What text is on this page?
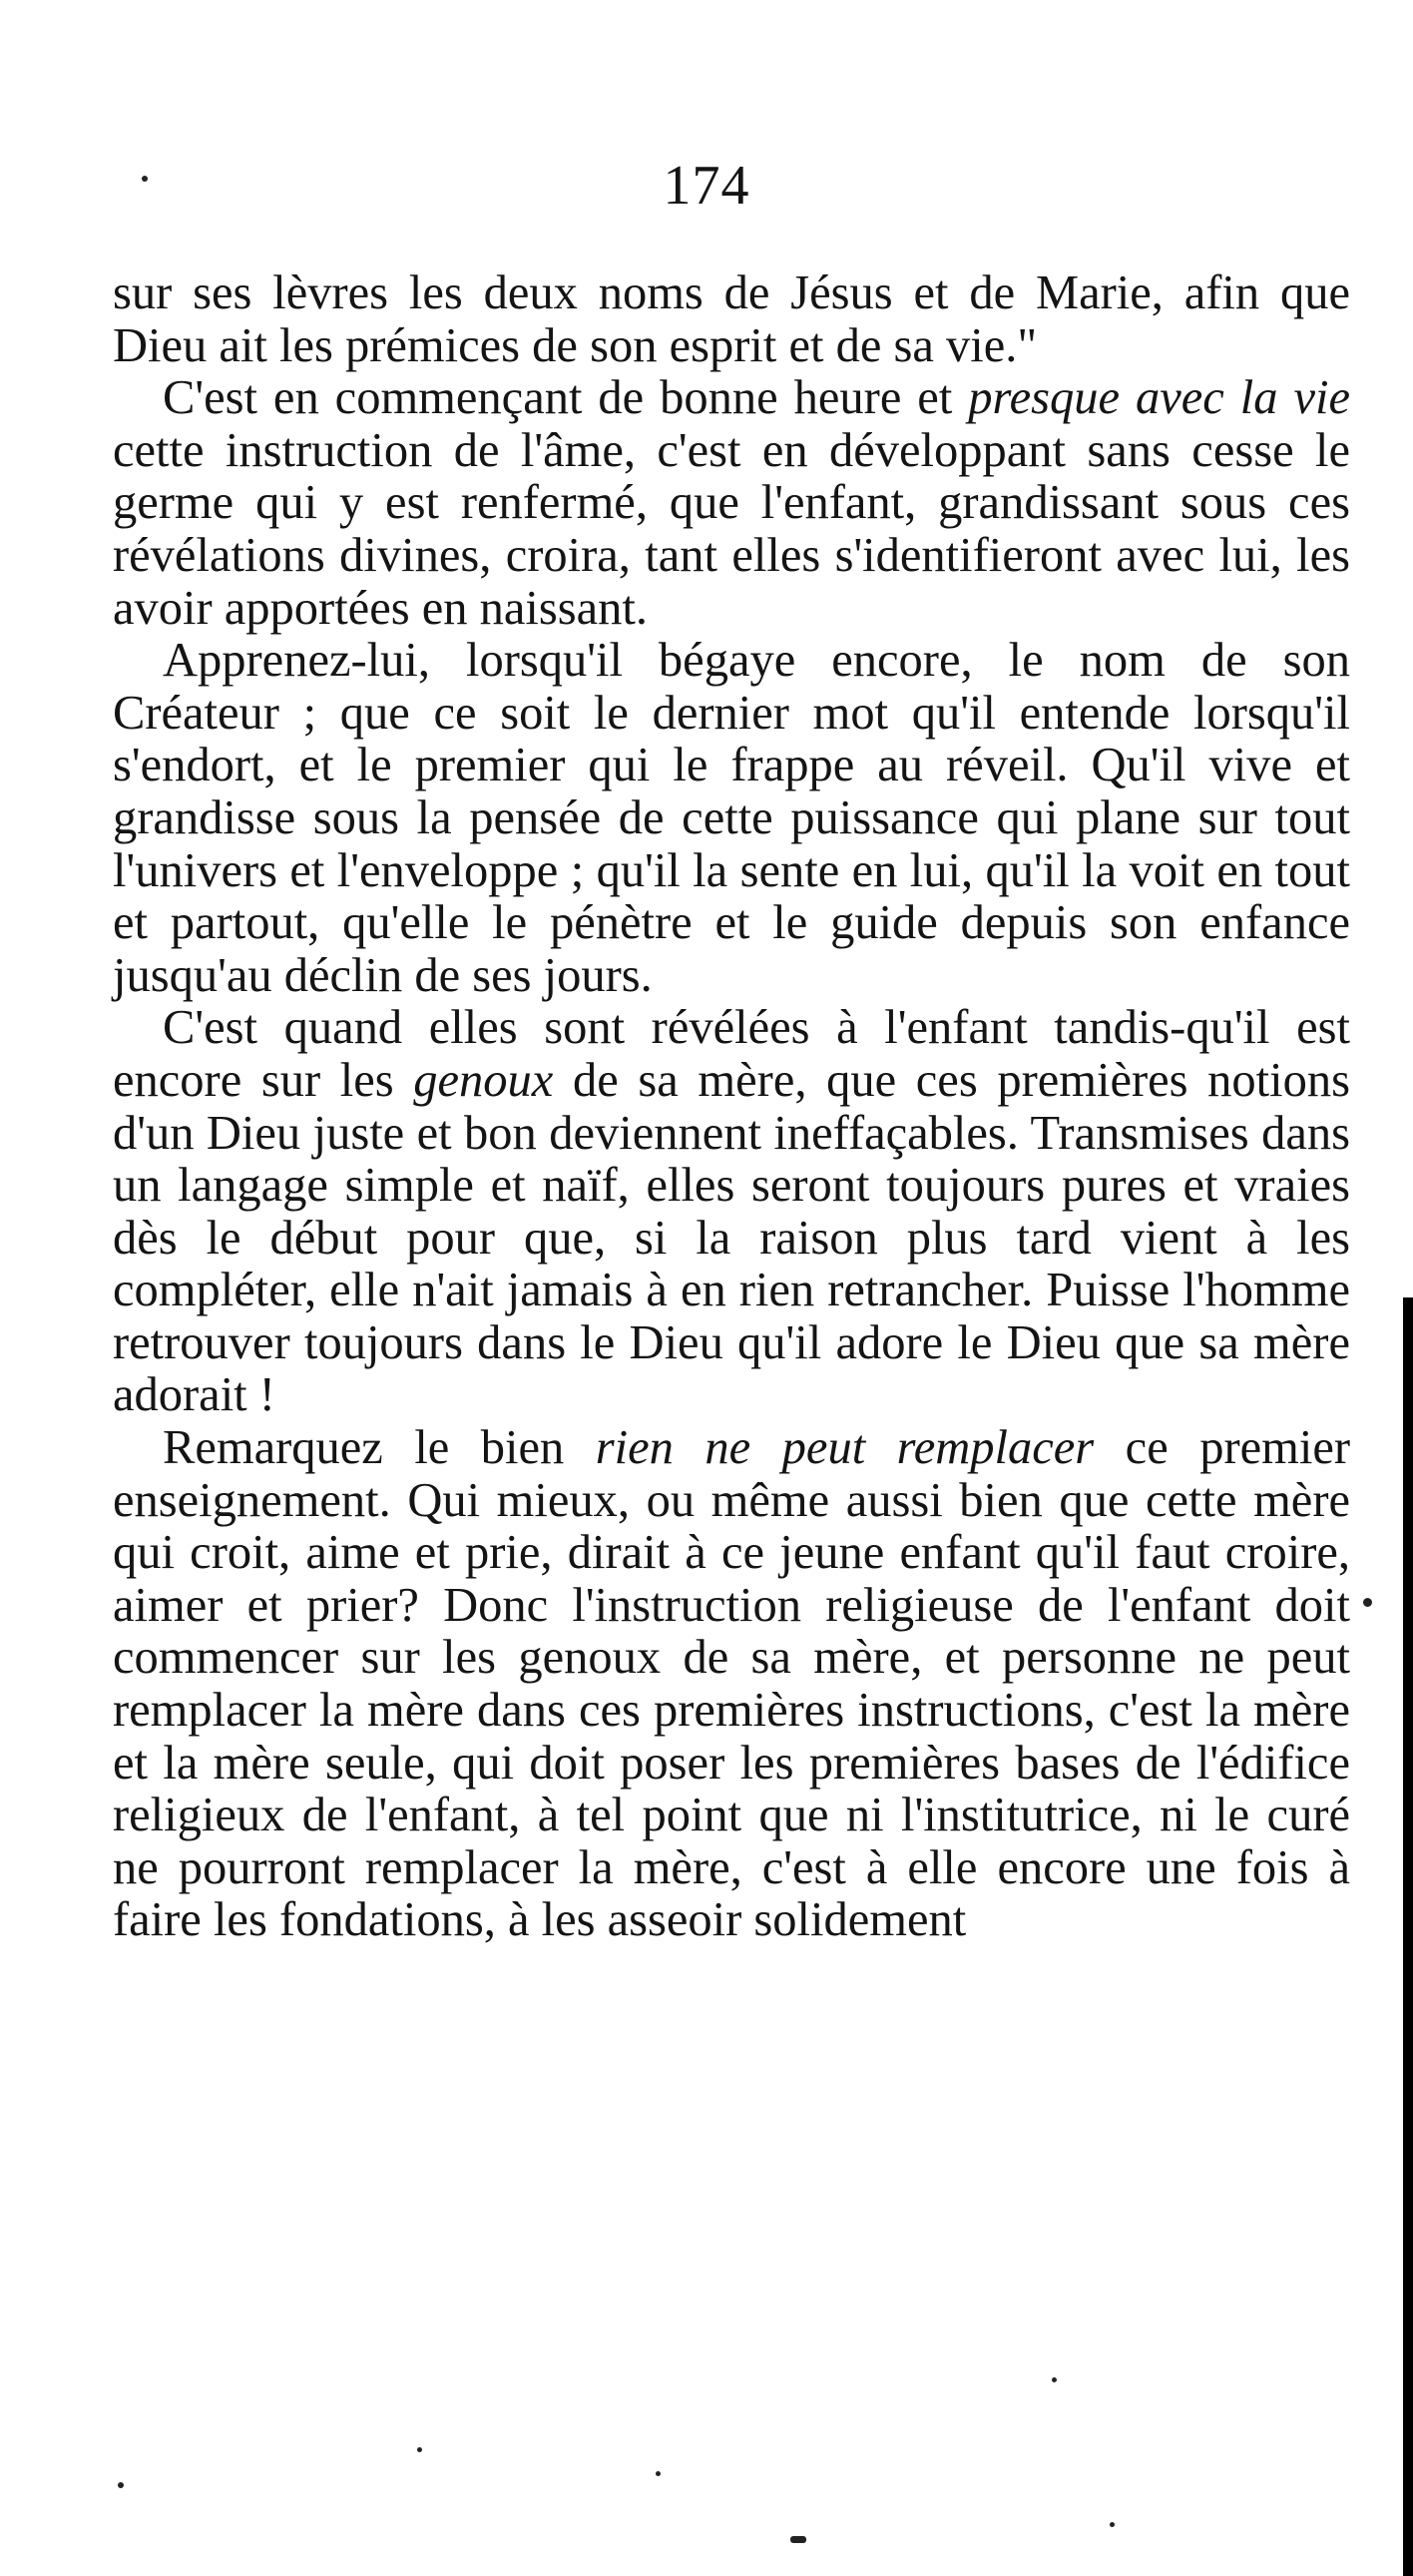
174

sur ses lèvres les deux noms de Jésus et de Marie, afin que Dieu ait les prémices de son esprit et de sa vie."

C'est en commençant de bonne heure et presque avec la vie cette instruction de l'âme, c'est en développant sans cesse le germe qui y est renfermé, que l'enfant, grandissant sous ces révélations divines, croira, tant elles s'identifieront avec lui, les avoir apportées en naissant.

Apprenez-lui, lorsqu'il bégaye encore, le nom de son Créateur ; que ce soit le dernier mot qu'il entende lorsqu'il s'endort, et le premier qui le frappe au réveil. Qu'il vive et grandisse sous la pensée de cette puissance qui plane sur tout l'univers et l'enveloppe ; qu'il la sente en lui, qu'il la voit en tout et partout, qu'elle le pénètre et le guide depuis son enfance jusqu'au déclin de ses jours.

C'est quand elles sont révélées à l'enfant tandis-qu'il est encore sur les genoux de sa mère, que ces premières notions d'un Dieu juste et bon deviennent ineffaçables. Transmises dans un langage simple et naïf, elles seront toujours pures et vraies dès le début pour que, si la raison plus tard vient à les compléter, elle n'ait jamais à en rien retrancher. Puisse l'homme retrouver toujours dans le Dieu qu'il adore le Dieu que sa mère adorait !

Remarquez le bien rien ne peut remplacer ce premier enseignement. Qui mieux, ou même aussi bien que cette mère qui croit, aime et prie, dirait à ce jeune enfant qu'il faut croire, aimer et prier? Donc l'instruction religieuse de l'enfant doit commencer sur les genoux de sa mère, et personne ne peut remplacer la mère dans ces premières instructions, c'est la mère et la mère seule, qui doit poser les premières bases de l'édifice religieux de l'enfant, à tel point que ni l'institutrice, ni le curé ne pourront remplacer la mère, c'est à elle encore une fois à faire les fondations, à les asseoir solidement
